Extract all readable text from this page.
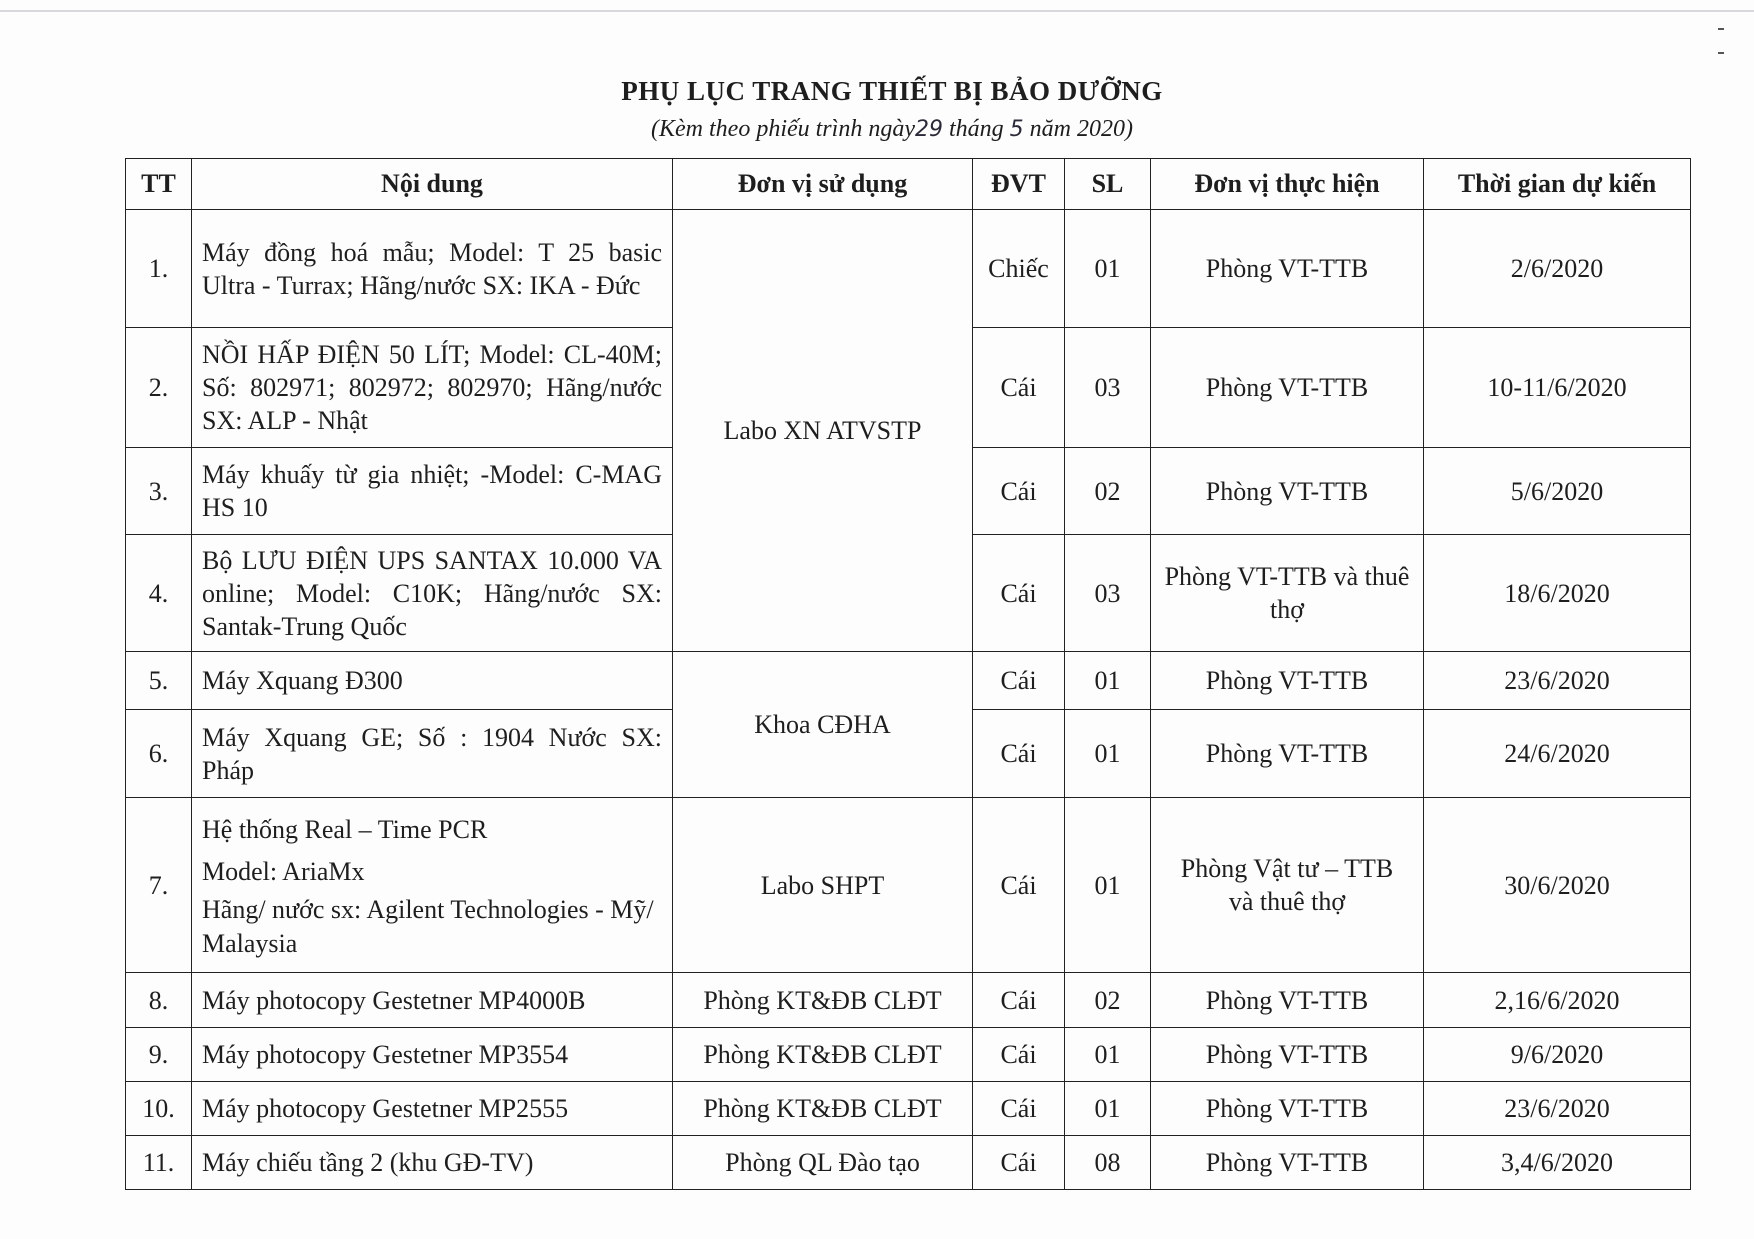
PHỤ LỤC TRANG THIẾT BỊ BẢO DƯỠNG
(Kèm theo phiếu trình ngày29 tháng 5 năm 2020)
TT	Nội dung	Đơn vị sử dụng	ĐVT	SL	Đơn vị thực hiện	Thời gian dự kiến
1.	Máy đồng hoá mẫu; Model: T 25 basic Ultra - Turrax; Hãng/nước SX: IKA - Đức	Labo XN ATVSTP	Chiếc	01	Phòng VT-TTB	2/6/2020
2.	NỒI HẤP ĐIỆN 50 LÍT; Model: CL-40M; Số: 802971; 802972; 802970; Hãng/nước SX: ALP - Nhật		Cái	03	Phòng VT-TTB	10-11/6/2020
3.	Máy khuấy từ gia nhiệt; -Model: C-MAG HS 10		Cái	02	Phòng VT-TTB	5/6/2020
4.	Bộ LƯU ĐIỆN UPS SANTAX 10.000 VA online; Model: C10K; Hãng/nước SX: Santak-Trung Quốc		Cái	03	Phòng VT-TTB và thuê thợ	18/6/2020
5.	Máy Xquang Đ300	Khoa CĐHA	Cái	01	Phòng VT-TTB	23/6/2020
6.	Máy Xquang GE; Số : 1904 Nước SX: Pháp		Cái	01	Phòng VT-TTB	24/6/2020
7.	Hệ thống Real – Time PCR
Model: AriaMx
Hãng/ nước sx: Agilent Technologies - Mỹ/ Malaysia	Labo SHPT	Cái	01	Phòng Vật tư – TTB và thuê thợ	30/6/2020
8.	Máy photocopy Gestetner MP4000B	Phòng KT&ĐB CLĐT	Cái	02	Phòng VT-TTB	2,16/6/2020
9.	Máy photocopy Gestetner MP3554	Phòng KT&ĐB CLĐT	Cái	01	Phòng VT-TTB	9/6/2020
10.	Máy photocopy Gestetner MP2555	Phòng KT&ĐB CLĐT	Cái	01	Phòng VT-TTB	23/6/2020
11.	Máy chiếu tầng 2 (khu GĐ-TV)	Phòng QL Đào tạo	Cái	08	Phòng VT-TTB	3,4/6/2020
